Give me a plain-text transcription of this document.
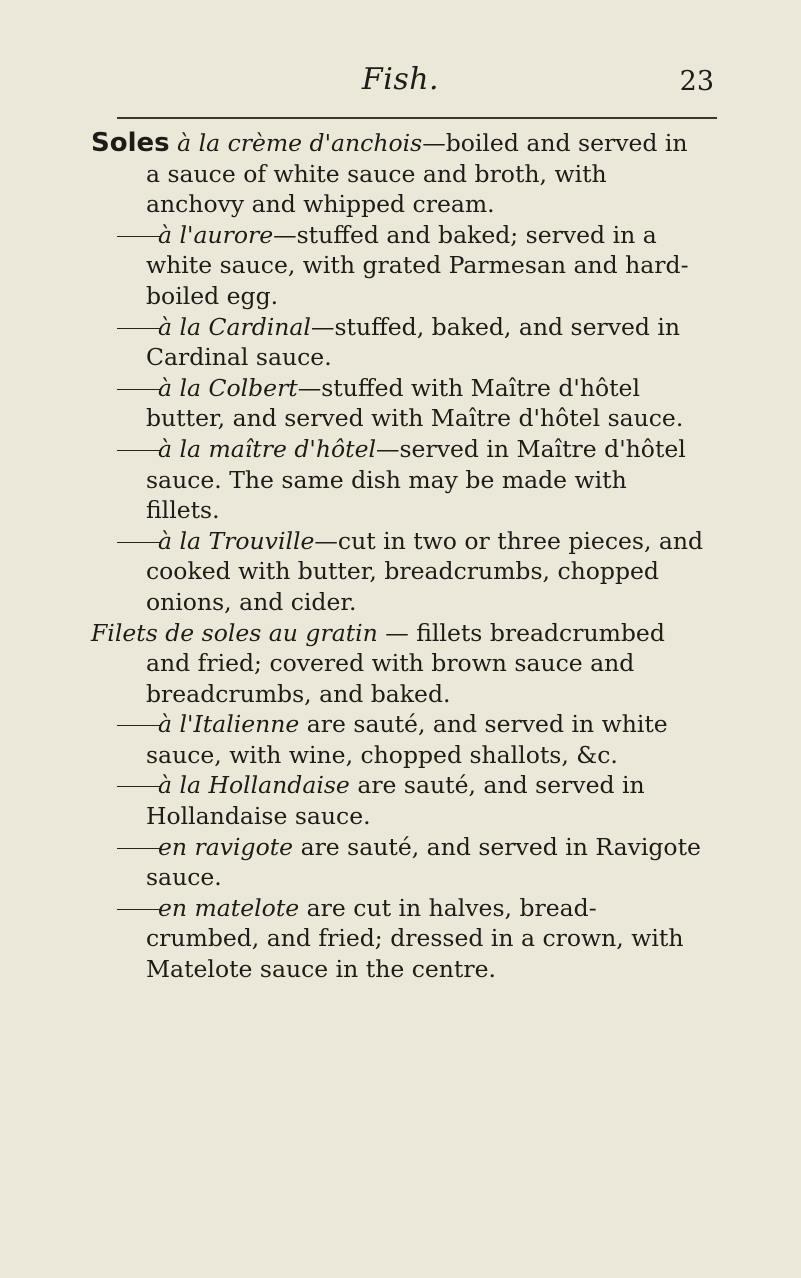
Fish.	23
Soles à la crème d'anchois—boiled and served in a sauce of white sauce and broth, with anchovy and whipped cream.
à l'aurore—stuffed and baked; served in a white sauce, with grated Parmesan and hard-boiled egg.
à la Cardinal—stuffed, baked, and served in Cardinal sauce.
à la Colbert—stuffed with Maître d'hôtel butter, and served with Maître d'hôtel sauce.
à la maître d'hôtel—served in Maître d'hôtel sauce. The same dish may be made with fillets.
à la Trouville—cut in two or three pieces, and cooked with butter, breadcrumbs, chopped onions, and cider.
Filets de soles au gratin — fillets breadcrumbed and fried; covered with brown sauce and breadcrumbs, and baked.
à l'Italienne are sauté, and served in white sauce, with wine, chopped shallots, &c.
à la Hollandaise are sauté, and served in Hollandaise sauce.
en ravigote are sauté, and served in Ravigote sauce.
en matelote are cut in halves, bread-crumbed, and fried; dressed in a crown, with Matelote sauce in the centre.
